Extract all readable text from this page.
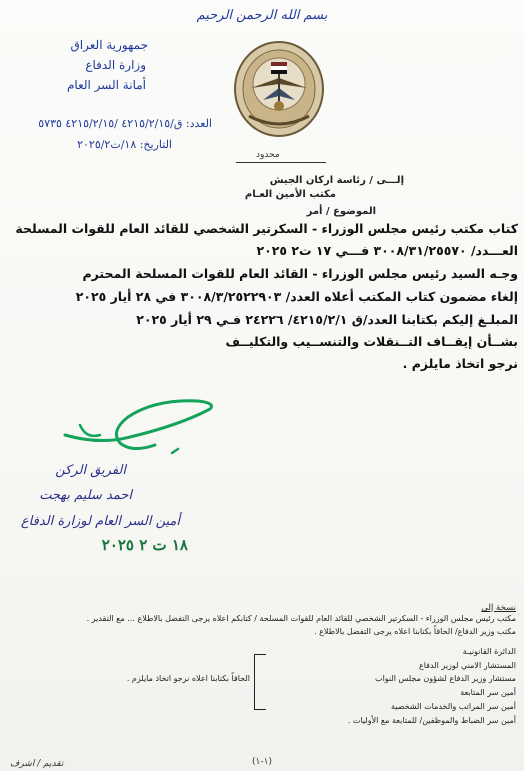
بسم الله الرحمن الرحيم
جمهورية العراق
وزارة الدفاع
أمانة السر العام
العدد: ق/٤٢١٥/٢/١٥ /٤٢١٥/٢/١٥ ٥٧٣٥
التاريخ: ١٨/ت٢٠٢٥/٢
محدود
إلـــى / رئاسة اركان الجيش
مكتب الأمين العـام
الموضوع / أمر
كتاب مكتب رئيس مجلس الوزراء - السكرتير الشخصي للقائد العام للقوات المسلحة
العـــدد/ ٣٠٠٨/٣١/٢٥٥٧٠ فـــي ١٧ ت٢ ٢٠٢٥
وجـه السيد رئيس مجلس الوزراء - القائد العام للقوات المسلحة المحترم
إلغاء مضمون كتاب المكتب أعلاه العدد/ ٣٠٠٨/٣/٢٥٢٢٩٠٣ في ٢٨ أيار ٢٠٢٥
المبلـغ إليكم بكتابنا العدد/ق ٤٢١٥/٢/١/ ٢٤٢٢٦ فـي ٢٩ أيار ٢٠٢٥
بشــأن إيقــاف التــنقلات والتنســيب والتكليــف
نرجو اتخاذ مايلزم .
الفريق الركن
احمد سليم بهجت
أمين السر العام لوزارة الدفاع
١٨ ت ٢ ٢٠٢٥
نسخة إلى
مكتب رئيس مجلس الوزراء - السكرتير الشخصي للقائد العام للقوات المسلحة / كتابكم اعلاه يرجى التفضل بالاطلاع ... مع التقدير .
مكتب وزير الدفاع/ الحاقاً بكتابنا اعلاه يرجى التفضل بالاطلاع .
الدائرة القانونيـة
المستشار الامني لوزير الدفاع
مستشار وزير الدفاع لشؤون مجلس النواب
أمين سر المتابعة
أمين سر المراتب والخدمات الشخصية
أمين سر الضباط والموظفين/ للمتابعة مع الأوليات .
الحاقاً بكتابنا اعلاه نرجو اتخاذ مايلزم .
(١-١)
تقديم / اشرف
